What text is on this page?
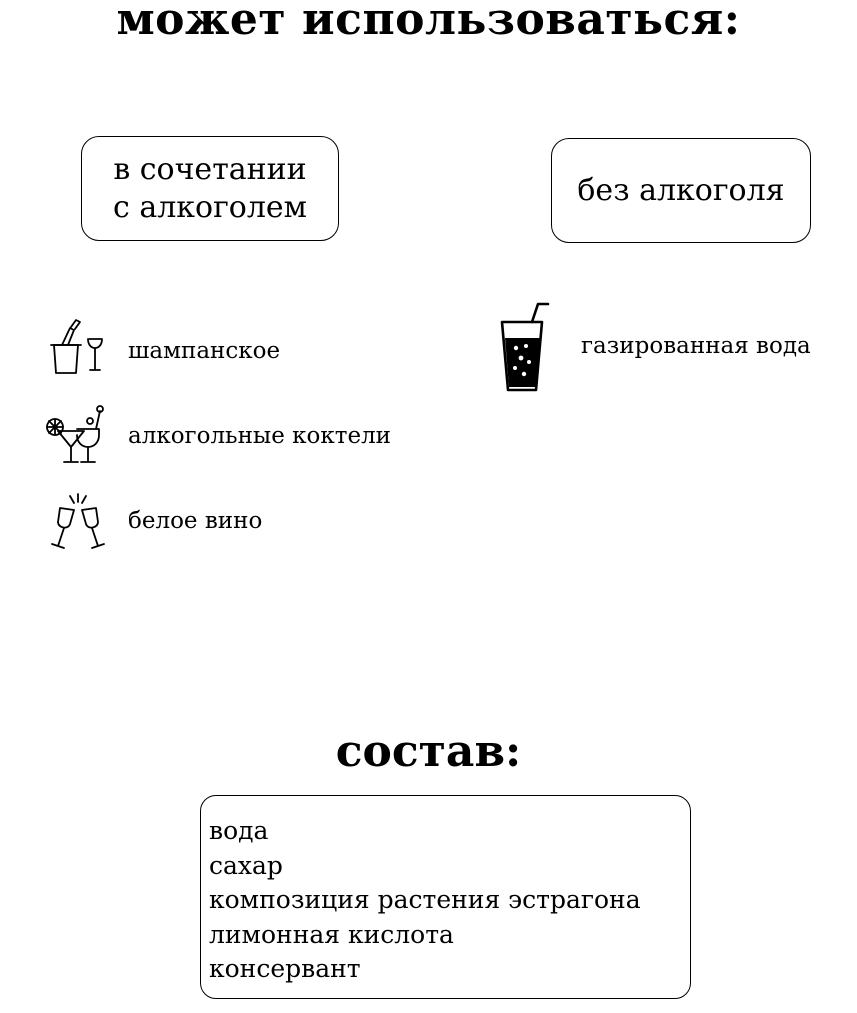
может использоваться:
в сочетании
с алкоголем	без алкоголя
шампанское
алкогольные коктели
белое вино
газированная вода
состав:
вода
сахар
композиция растения эстрагона
лимонная кислота
консервант
